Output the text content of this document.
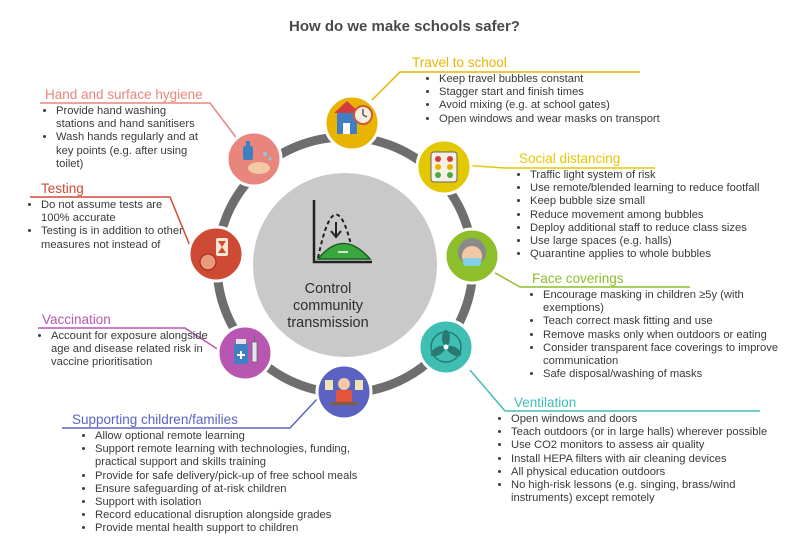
How do we make schools safer?
Control
community
transmission
Travel to school
• Keep travel bubbles constant
• Stagger start and finish times
• Avoid mixing (e.g. at school gates)
• Open windows and wear masks on transport
Social distancing
• Traffic light system of risk
• Use remote/blended learning to reduce footfall
• Keep bubble size small
• Reduce movement among bubbles
• Deploy additional staff to reduce class sizes
• Use large spaces (e.g. halls)
• Quarantine applies to whole bubbles
Face coverings
• Encourage masking in children ≥5y (with exemptions)
• Teach correct mask fitting and use
• Remove masks only when outdoors or eating
• Consider transparent face coverings to improve communication
• Safe disposal/washing of masks
Ventilation
• Open windows and doors
• Teach outdoors (or in large halls) wherever possible
• Use CO2 monitors to assess air quality
• Install HEPA filters with air cleaning devices
• All physical education outdoors
• No high-risk lessons (e.g. singing, brass/wind instruments) except remotely
Supporting children/families
• Allow optional remote learning
• Support remote learning with technologies, funding, practical support and skills training
• Provide for safe delivery/pick-up of free school meals
• Ensure safeguarding of at-risk children
• Support with isolation
• Record educational disruption alongside grades
• Provide mental health support to children
Vaccination
• Account for exposure alongside age and disease related risk in vaccine prioritisation
Testing
• Do not assume tests are 100% accurate
• Testing is in addition to other measures not instead of
Hand and surface hygiene
• Provide hand washing stations and hand sanitisers
• Wash hands regularly and at key points (e.g. after using toilet)
